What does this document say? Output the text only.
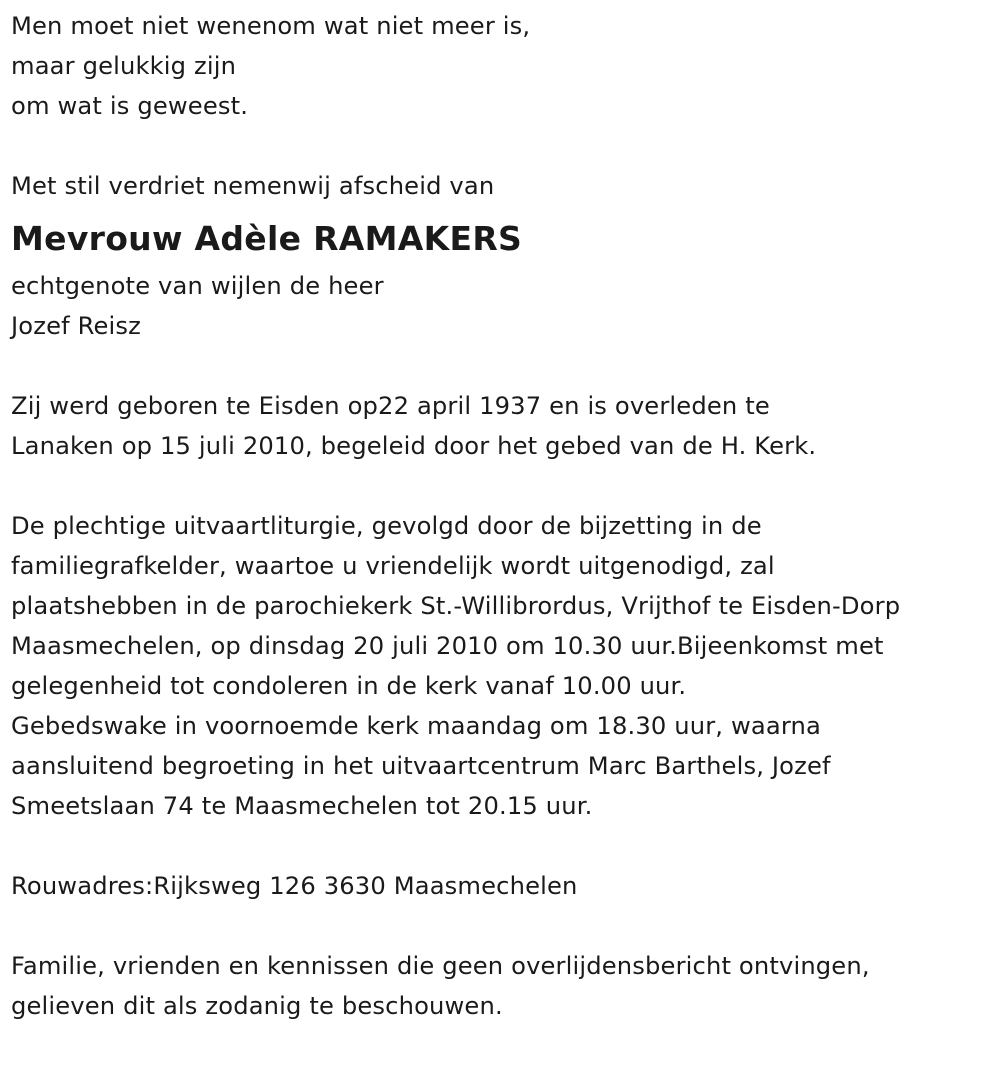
Men moet niet wenenom wat niet meer is,
maar gelukkig zijn
om wat is geweest.
Met stil verdriet nemenwij afscheid van
Mevrouw Adèle RAMAKERS
echtgenote van wijlen de heer
Jozef Reisz
Zij werd geboren te Eisden op22 april 1937 en is overleden te
Lanaken op 15 juli 2010, begeleid door het gebed van de H. Kerk.
De plechtige uitvaartliturgie, gevolgd door de bijzetting in de
familiegrafkelder, waartoe u vriendelijk wordt uitgenodigd, zal
plaatshebben in de parochiekerk St.-Willibrordus, Vrijthof te Eisden-Dorp
Maasmechelen, op dinsdag 20 juli 2010 om 10.30 uur.Bijeenkomst met
gelegenheid tot condoleren in de kerk vanaf 10.00 uur.
Gebedswake in voornoemde kerk maandag om 18.30 uur, waarna
aansluitend begroeting in het uitvaartcentrum Marc Barthels, Jozef
Smeetslaan 74 te Maasmechelen tot 20.15 uur.
Rouwadres:Rijksweg 126 3630 Maasmechelen
Familie, vrienden en kennissen die geen overlijdensbericht ontvingen,
gelieven dit als zodanig te beschouwen.
